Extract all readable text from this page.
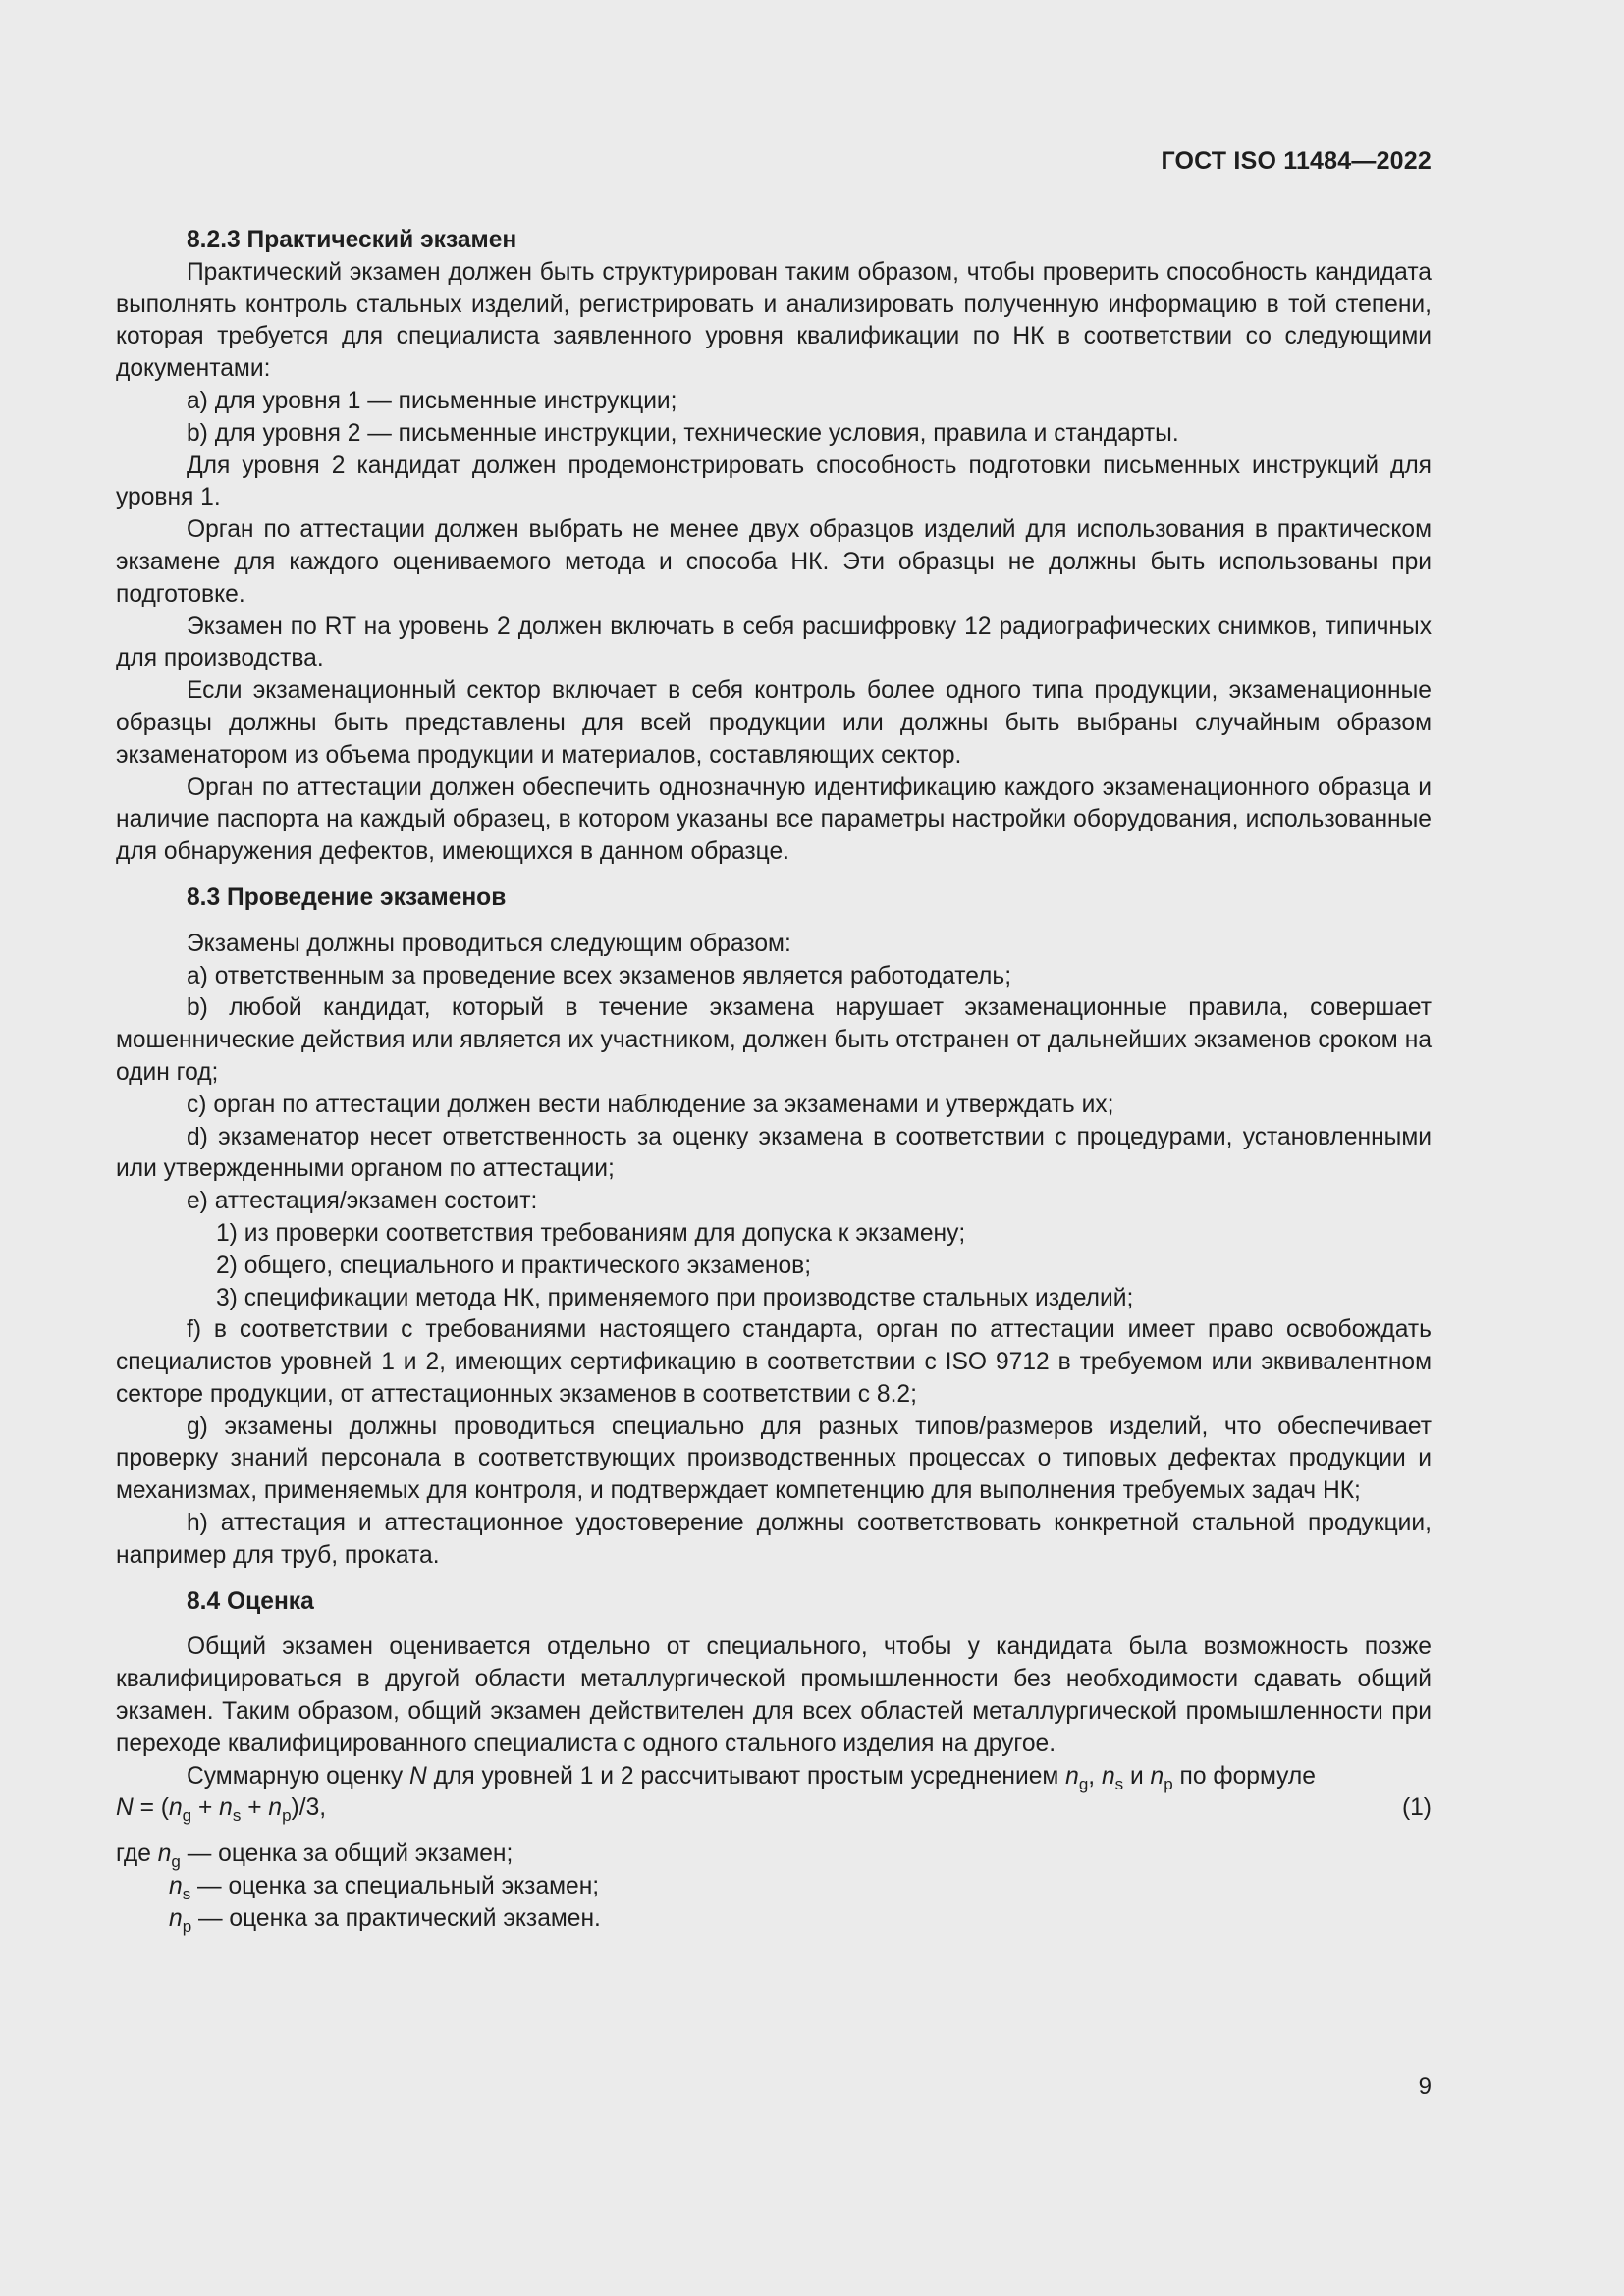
ГОСТ ISO 11484—2022

8.2.3 Практический экзамен

Практический экзамен должен быть структурирован таким образом, чтобы проверить способность кандидата выполнять контроль стальных изделий, регистрировать и анализировать полученную информацию в той степени, которая требуется для специалиста заявленного уровня квалификации по НК в соответствии со следующими документами:

a) для уровня 1 — письменные инструкции;

b) для уровня 2 — письменные инструкции, технические условия, правила и стандарты.

Для уровня 2 кандидат должен продемонстрировать способность подготовки письменных инструкций для уровня 1.

Орган по аттестации должен выбрать не менее двух образцов изделий для использования в практическом экзамене для каждого оцениваемого метода и способа НК. Эти образцы не должны быть использованы при подготовке.

Экзамен по RT на уровень 2 должен включать в себя расшифровку 12 радиографических снимков, типичных для производства.

Если экзаменационный сектор включает в себя контроль более одного типа продукции, экзаменационные образцы должны быть представлены для всей продукции или должны быть выбраны случайным образом экзаменатором из объема продукции и материалов, составляющих сектор.

Орган по аттестации должен обеспечить однозначную идентификацию каждого экзаменационного образца и наличие паспорта на каждый образец, в котором указаны все параметры настройки оборудования, использованные для обнаружения дефектов, имеющихся в данном образце.

8.3 Проведение экзаменов

Экзамены должны проводиться следующим образом:

a) ответственным за проведение всех экзаменов является работодатель;

b) любой кандидат, который в течение экзамена нарушает экзаменационные правила, совершает мошеннические действия или является их участником, должен быть отстранен от дальнейших экзаменов сроком на один год;

c) орган по аттестации должен вести наблюдение за экзаменами и утверждать их;

d) экзаменатор несет ответственность за оценку экзамена в соответствии с процедурами, установленными или утвержденными органом по аттестации;

e) аттестация/экзамен состоит:

1) из проверки соответствия требованиям для допуска к экзамену;

2) общего, специального и практического экзаменов;

3) спецификации метода НК, применяемого при производстве стальных изделий;

f) в соответствии с требованиями настоящего стандарта, орган по аттестации имеет право освобождать специалистов уровней 1 и 2, имеющих сертификацию в соответствии с ISO 9712 в требуемом или эквивалентном секторе продукции, от аттестационных экзаменов в соответствии с 8.2;

g) экзамены должны проводиться специально для разных типов/размеров изделий, что обеспечивает проверку знаний персонала в соответствующих производственных процессах о типовых дефектах продукции и механизмах, применяемых для контроля, и подтверждает компетенцию для выполнения требуемых задач НК;

h) аттестация и аттестационное удостоверение должны соответствовать конкретной стальной продукции, например для труб, проката.

8.4 Оценка

Общий экзамен оценивается отдельно от специального, чтобы у кандидата была возможность позже квалифицироваться в другой области металлургической промышленности без необходимости сдавать общий экзамен. Таким образом, общий экзамен действителен для всех областей металлургической промышленности при переходе квалифицированного специалиста с одного стального изделия на другое.

Суммарную оценку N для уровней 1 и 2 рассчитывают простым усреднением $n_g$, $n_s$ и $n_p$ по формуле

$N = (n_g + n_s + n_p)/3$,	(1)

где $n_g$ — оценка за общий экзамен;

$n_s$ — оценка за специальный экзамен;

$n_p$ — оценка за практический экзамен.

9
